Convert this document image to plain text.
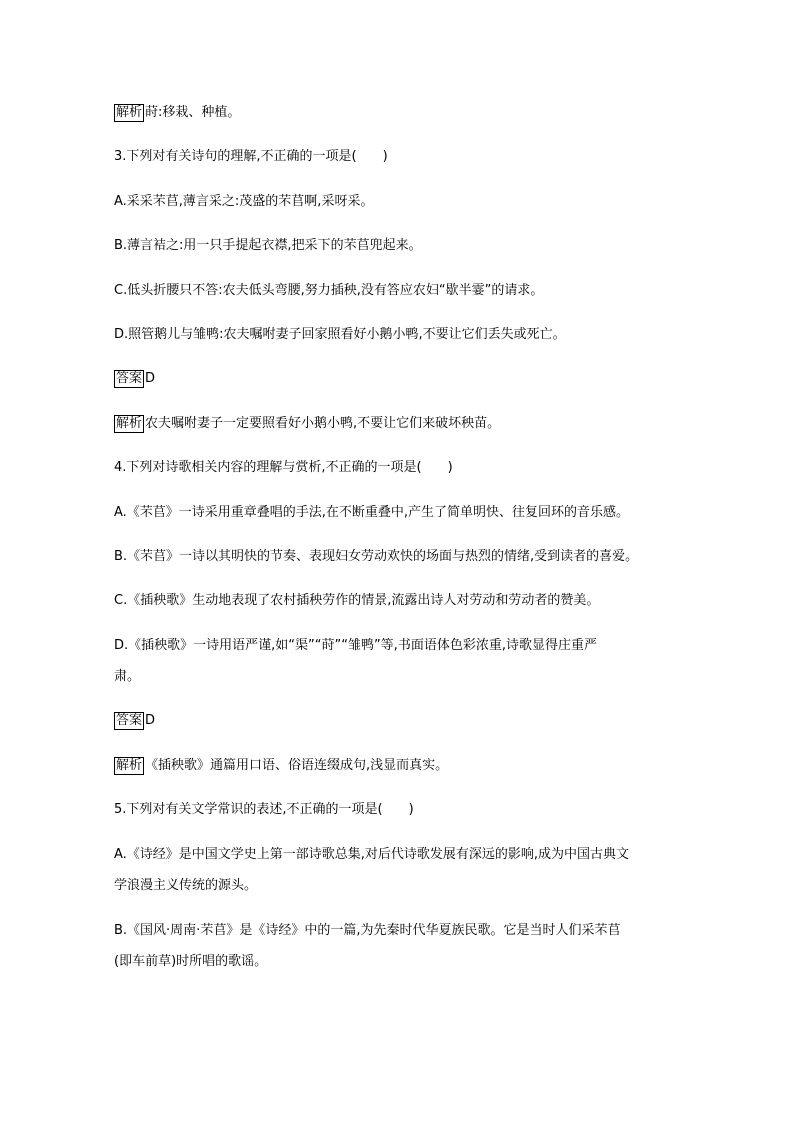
解析 莳:移栽、种植。
3.下列对有关诗句的理解,不正确的一项是(　　)
A.采采芣苢,薄言采之:茂盛的芣苢啊,采呀采。
B.薄言袺之:用一只手提起衣襟,把采下的芣苢兜起来。
C.低头折腰只不答:农夫低头弯腰,努力插秧,没有答应农妇“歇半霎”的请求。
D.照管鹅儿与雏鸭:农夫嘱咐妻子回家照看好小鹅小鸭,不要让它们丢失或死亡。
答案 D
解析 农夫嘱咐妻子一定要照看好小鹅小鸭,不要让它们来破坏秧苗。
4.下列对诗歌相关内容的理解与赏析,不正确的一项是(　　)
A.《芣苢》一诗采用重章叠唱的手法,在不断重叠中,产生了简单明快、往复回环的音乐感。
B.《芣苢》一诗以其明快的节奏、表现妇女劳动欢快的场面与热烈的情绪,受到读者的喜爱。
C.《插秧歌》生动地表现了农村插秧劳作的情景,流露出诗人对劳动和劳动者的赞美。
D.《插秧歌》一诗用语严谨,如“渠”“莳”“雏鸭”等,书面语体色彩浓重,诗歌显得庄重严
肃。
答案 D
解析 《插秧歌》通篇用口语、俗语连缀成句,浅显而真实。
5.下列对有关文学常识的表述,不正确的一项是(　　)
A.《诗经》是中国文学史上第一部诗歌总集,对后代诗歌发展有深远的影响,成为中国古典文
学浪漫主义传统的源头。
B.《国风·周南·芣苢》是《诗经》中的一篇,为先秦时代华夏族民歌。它是当时人们采芣苢
(即车前草)时所唱的歌谣。
